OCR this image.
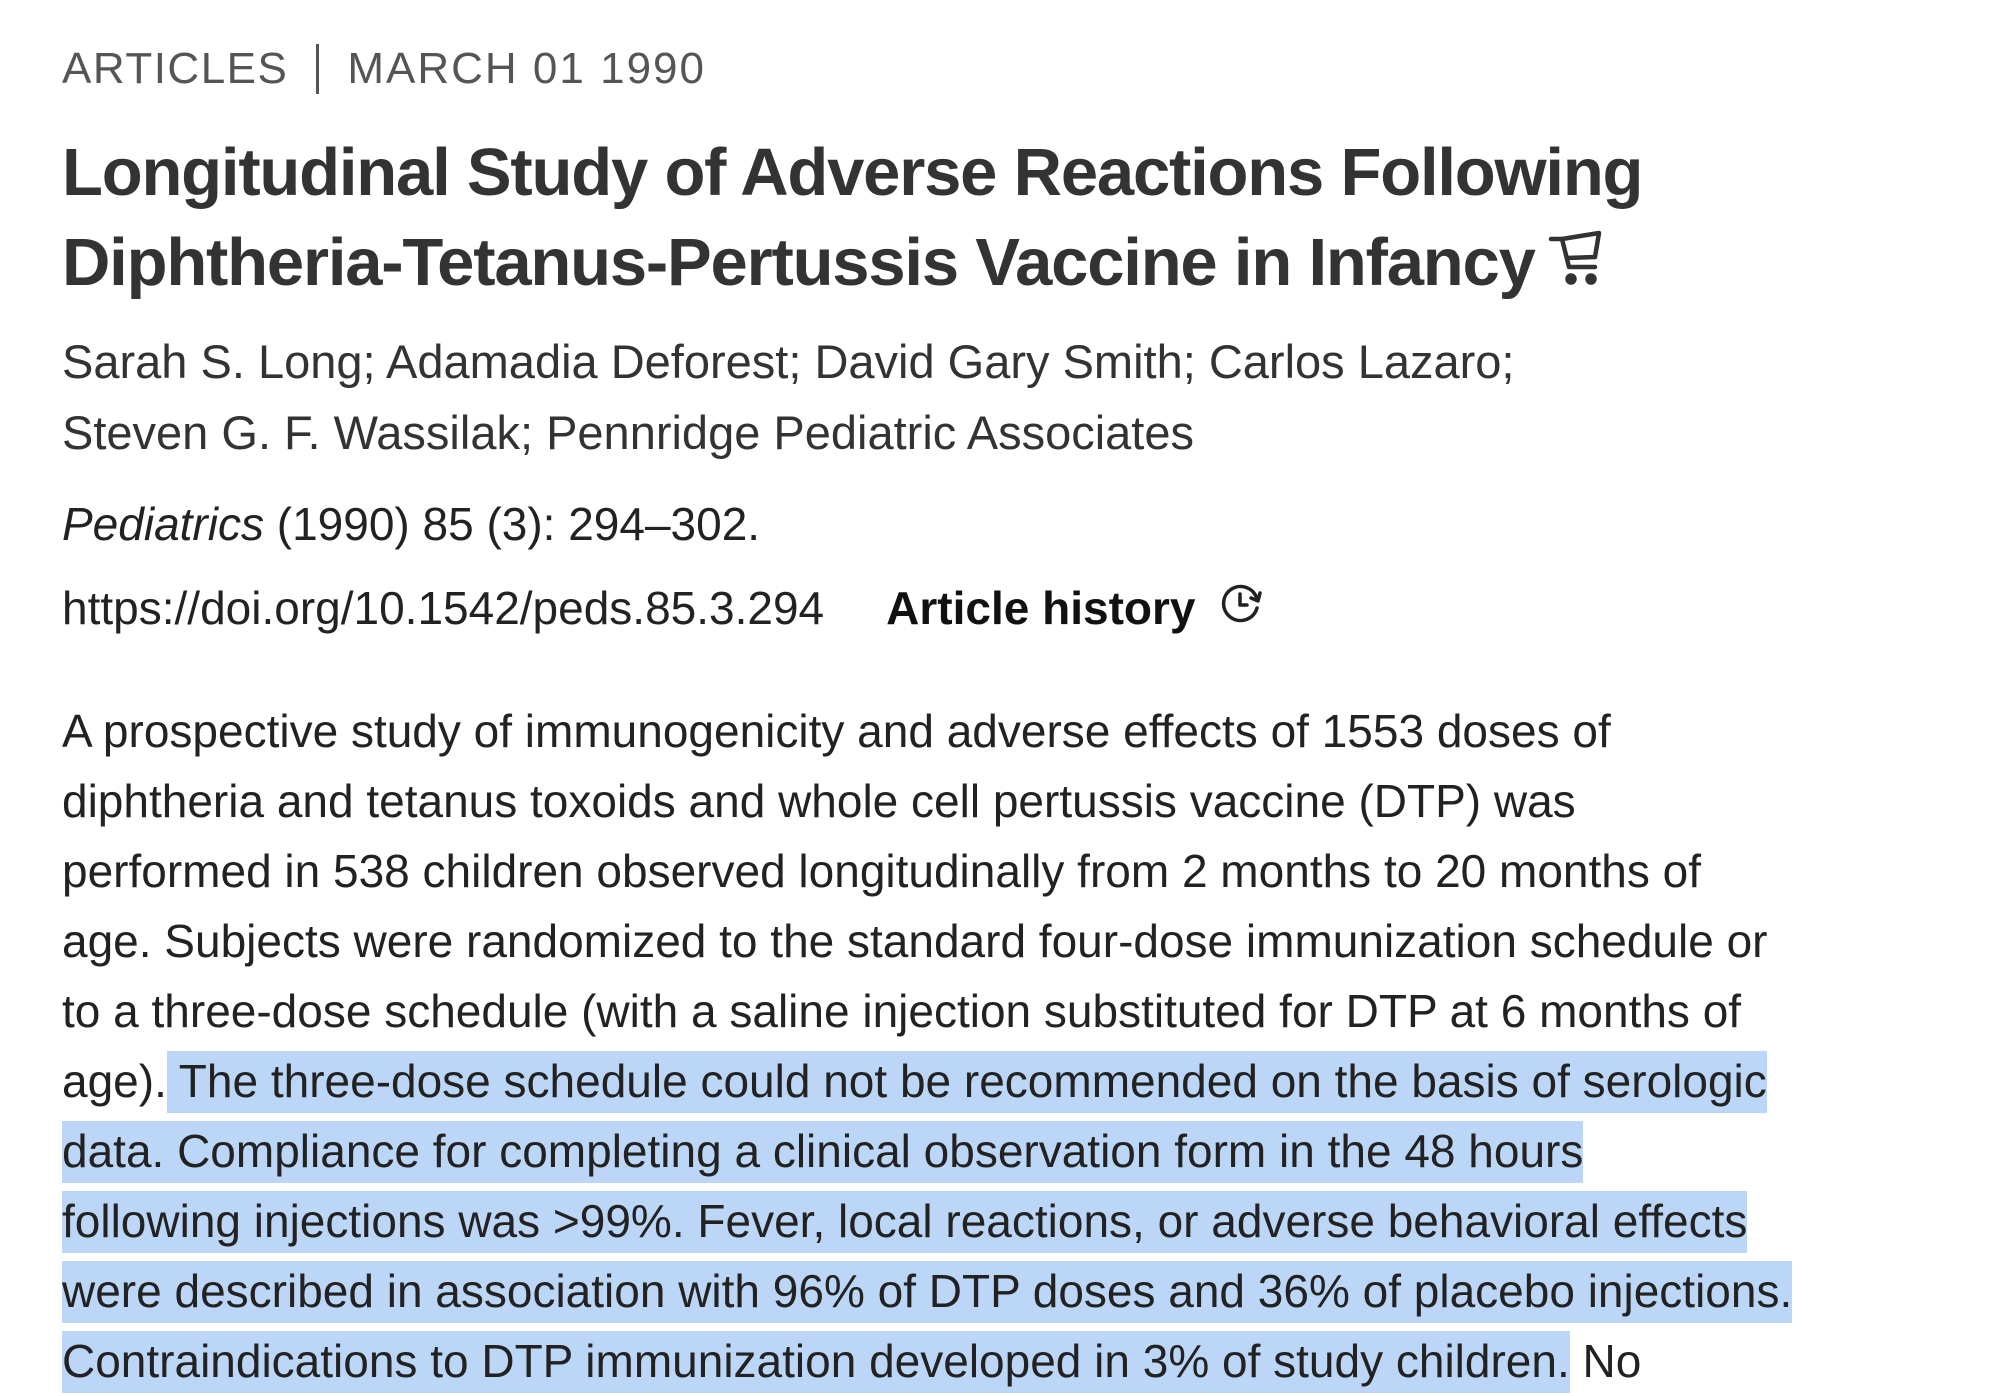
ARTICLES MARCH 01 1990
Longitudinal Study of Adverse Reactions Following Diphtheria-Tetanus-Pertussis Vaccine in Infancy
Sarah S. Long; Adamadia Deforest; David Gary Smith; Carlos Lazaro;
Steven G. F. Wassilak; Pennridge Pediatric Associates
Pediatrics (1990) 85 (3): 294–302.
https://doi.org/10.1542/peds.85.3.294 Article history
A prospective study of immunogenicity and adverse effects of 1553 doses of
diphtheria and tetanus toxoids and whole cell pertussis vaccine (DTP) was
performed in 538 children observed longitudinally from 2 months to 20 months of
age. Subjects were randomized to the standard four-dose immunization schedule or
to a three-dose schedule (with a saline injection substituted for DTP at 6 months of
age). The three-dose schedule could not be recommended on the basis of serologic
data. Compliance for completing a clinical observation form in the 48 hours
following injections was >99%. Fever, local reactions, or adverse behavioral effects
were described in association with 96% of DTP doses and 36% of placebo injections.
Contraindications to DTP immunization developed in 3% of study children. No
